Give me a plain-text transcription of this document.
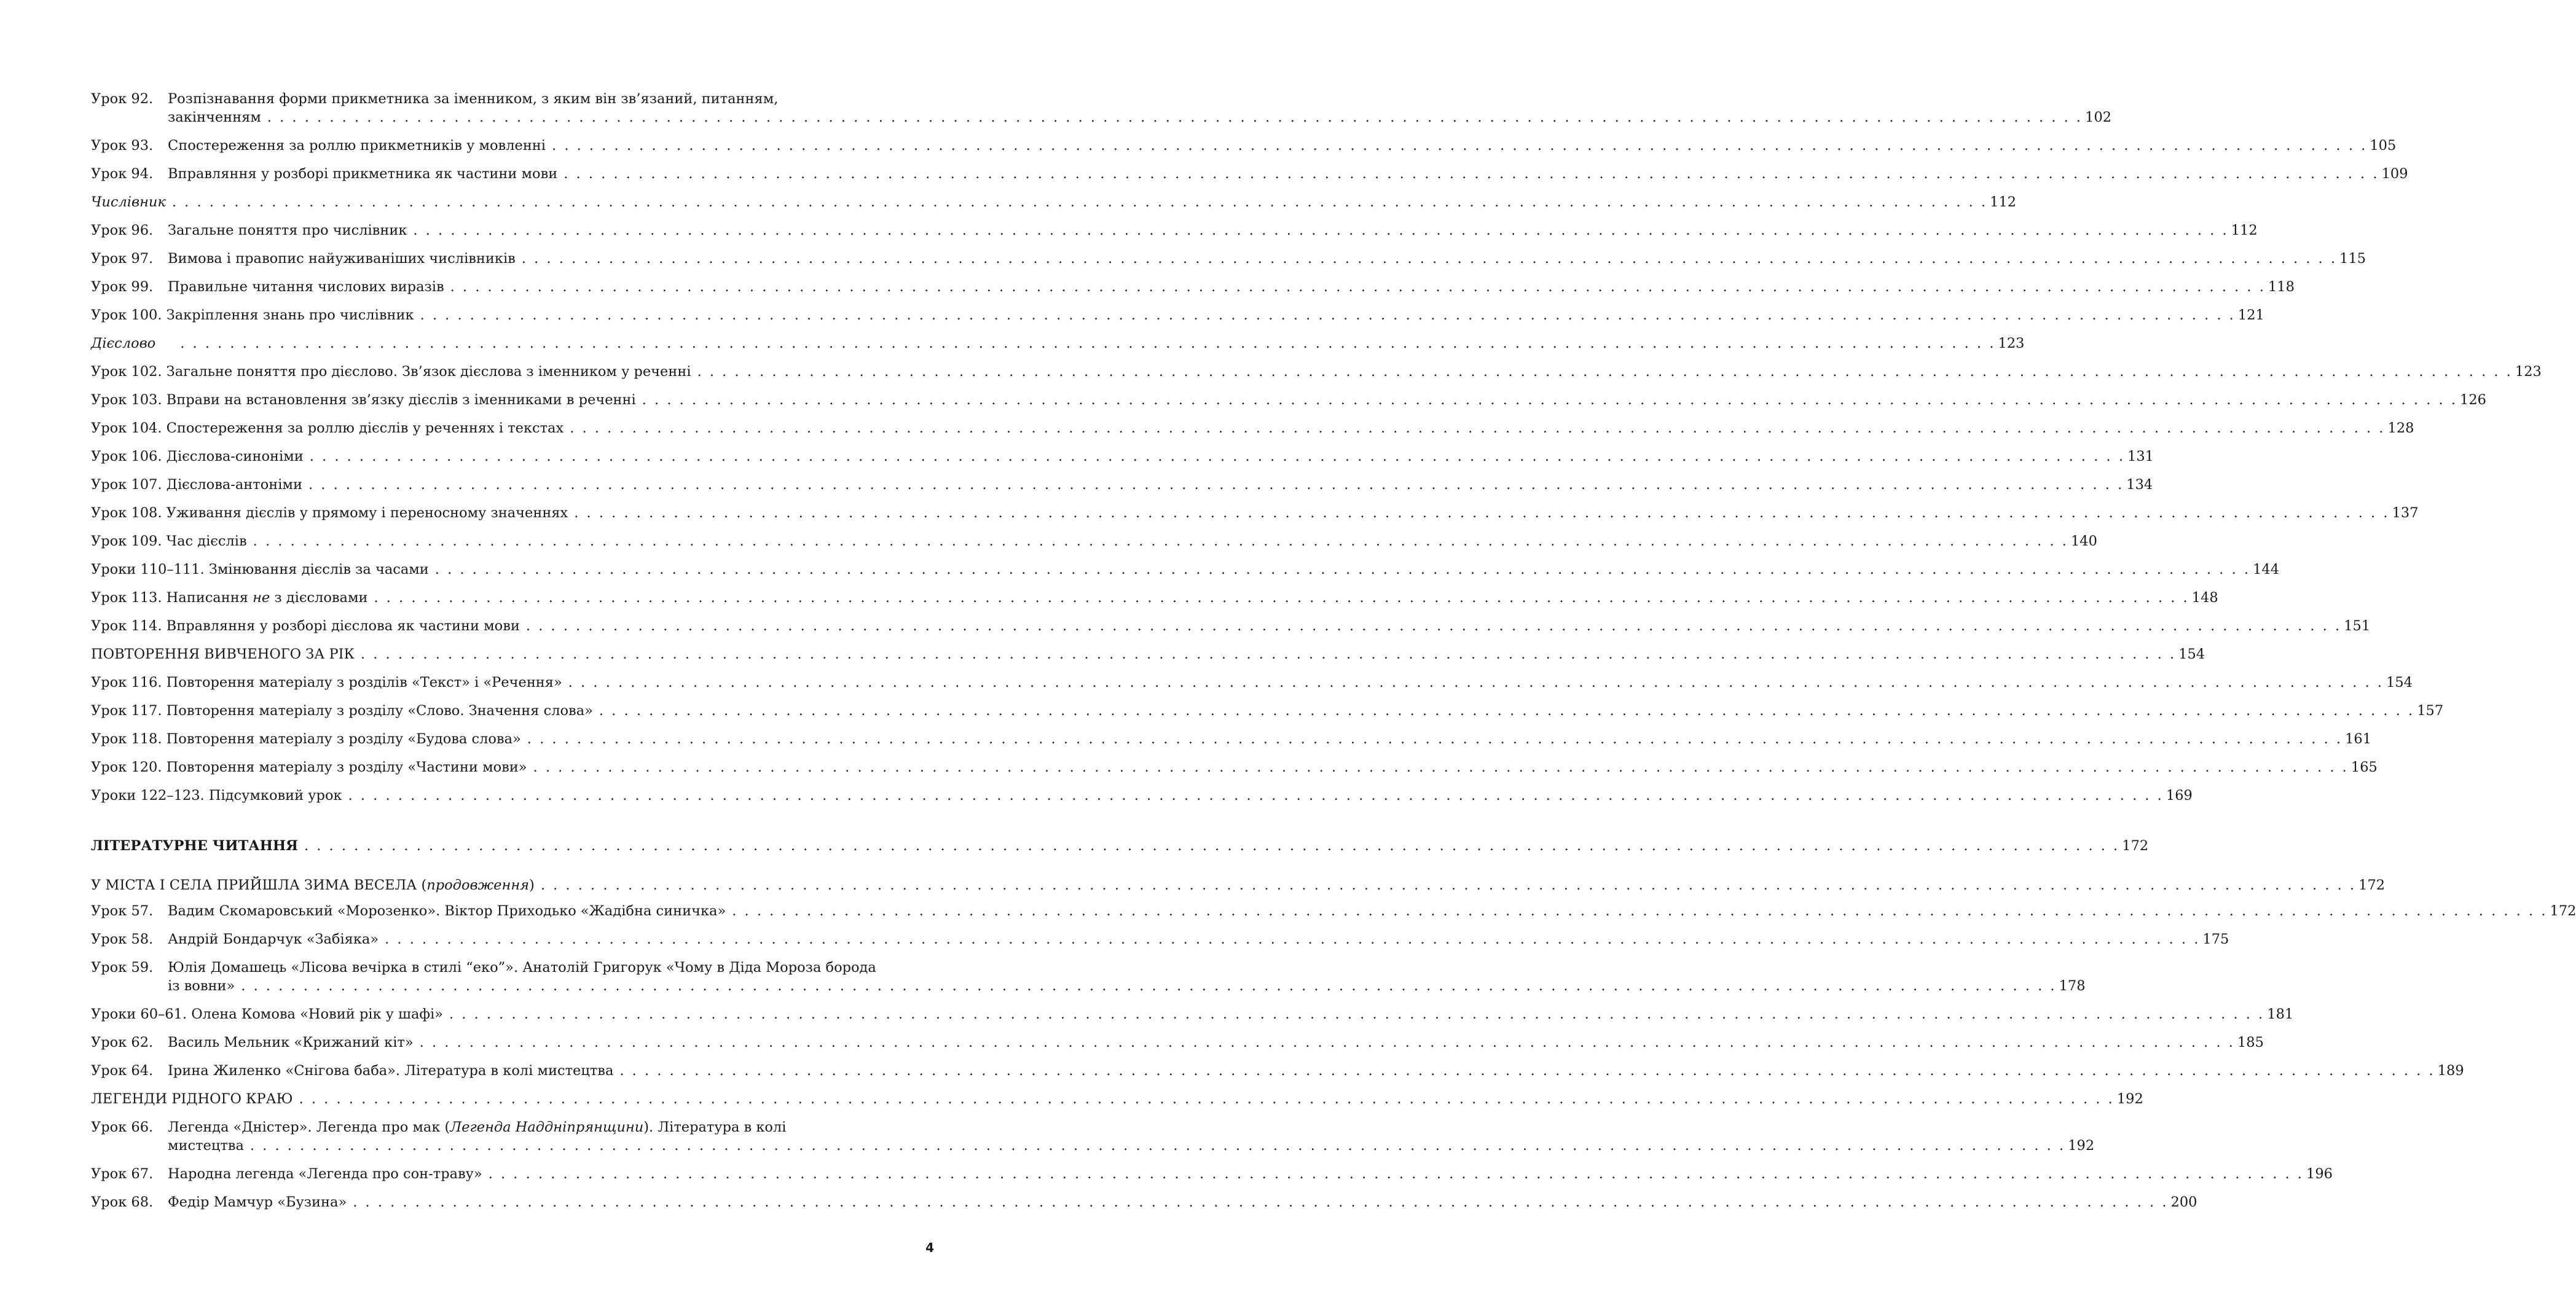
Урок 92.	Розпізнавання форми прикметника за іменником, з яким він зв’язаний, питанням,
закінченням . . .	102
Урок 93.	Спостереження за роллю прикметників у мовленні . . .	105
Урок 94.	Вправляння у розборі прикметника як частини мови . . .	109
Числівник . . .	112
Урок 96.	Загальне поняття про числівник . . .	112
Урок 97.	Вимова і правопис найуживаніших числівників . . .	115
Урок 99.	Правильне читання числових виразів . . .	118
Урок 100. Закріплення знань про числівник . . .	121
Дієслово . . .	123
Урок 102. Загальне поняття про дієслово. Зв’язок дієслова з іменником у реченні . . .	123
Урок 103. Вправи на встановлення зв’язку дієслів з іменниками в реченні . . .	126
Урок 104. Спостереження за роллю дієслів у реченнях і текстах . . .	128
Урок 106. Дієслова-синоніми . . .	131
Урок 107. Дієслова-антоніми . . .	134
Урок 108. Уживання дієслів у прямому і переносному значеннях . . .	137
Урок 109. Час дієслів . . .	140
Уроки 110–111. Змінювання дієслів за часами . . .	144
Урок 113. Написання не з дієсловами . . .	148
Урок 114. Вправляння у розборі дієслова як частини мови . . .	151
ПОВТОРЕННЯ ВИВЧЕНОГО ЗА РІК . . .	154
Урок 116. Повторення матеріалу з розділів «Текст» і «Речення» . . .	154
Урок 117. Повторення матеріалу з розділу «Слово. Значення слова» . . .	157
Урок 118. Повторення матеріалу з розділу «Будова слова» . . .	161
Урок 120. Повторення матеріалу з розділу «Частини мови» . . .	165
Уроки 122–123. Підсумковий урок . . .	169
ЛІТЕРАТУРНЕ ЧИТАННЯ . . .	172
У МІСТА І СЕЛА ПРИЙШЛА ЗИМА ВЕСЕЛА (продовження) . . .	172
Урок 57.	Вадим Скомаровський «Морозенко». Віктор Приходько «Жадібна синичка» . . .	172
Урок 58.	Андрій Бондарчук «Забіяка» . . .	175
Урок 59.	Юлія Домашець «Лісова вечірка в стилі “еко”». Анатолій Григорук «Чому в Діда Мороза борода
із вовни» . . .	178
Уроки 60–61. Олена Комова «Новий рік у шафі» . . .	181
Урок 62.	Василь Мельник «Крижаний кіт» . . .	185
Урок 64.	Ірина Жиленко «Снігова баба». Література в колі мистецтва . . .	189
ЛЕГЕНДИ РІДНОГО КРАЮ . . .	192
Урок 66.	Легенда «Дністер». Легенда про мак (Легенда Наддніпрянщини). Література в колі
мистецтва . . .	192
Урок 67.	Народна легенда «Легенда про сон-траву» . . .	196
Урок 68.	Федір Мамчур «Бузина» . . .	200
4
